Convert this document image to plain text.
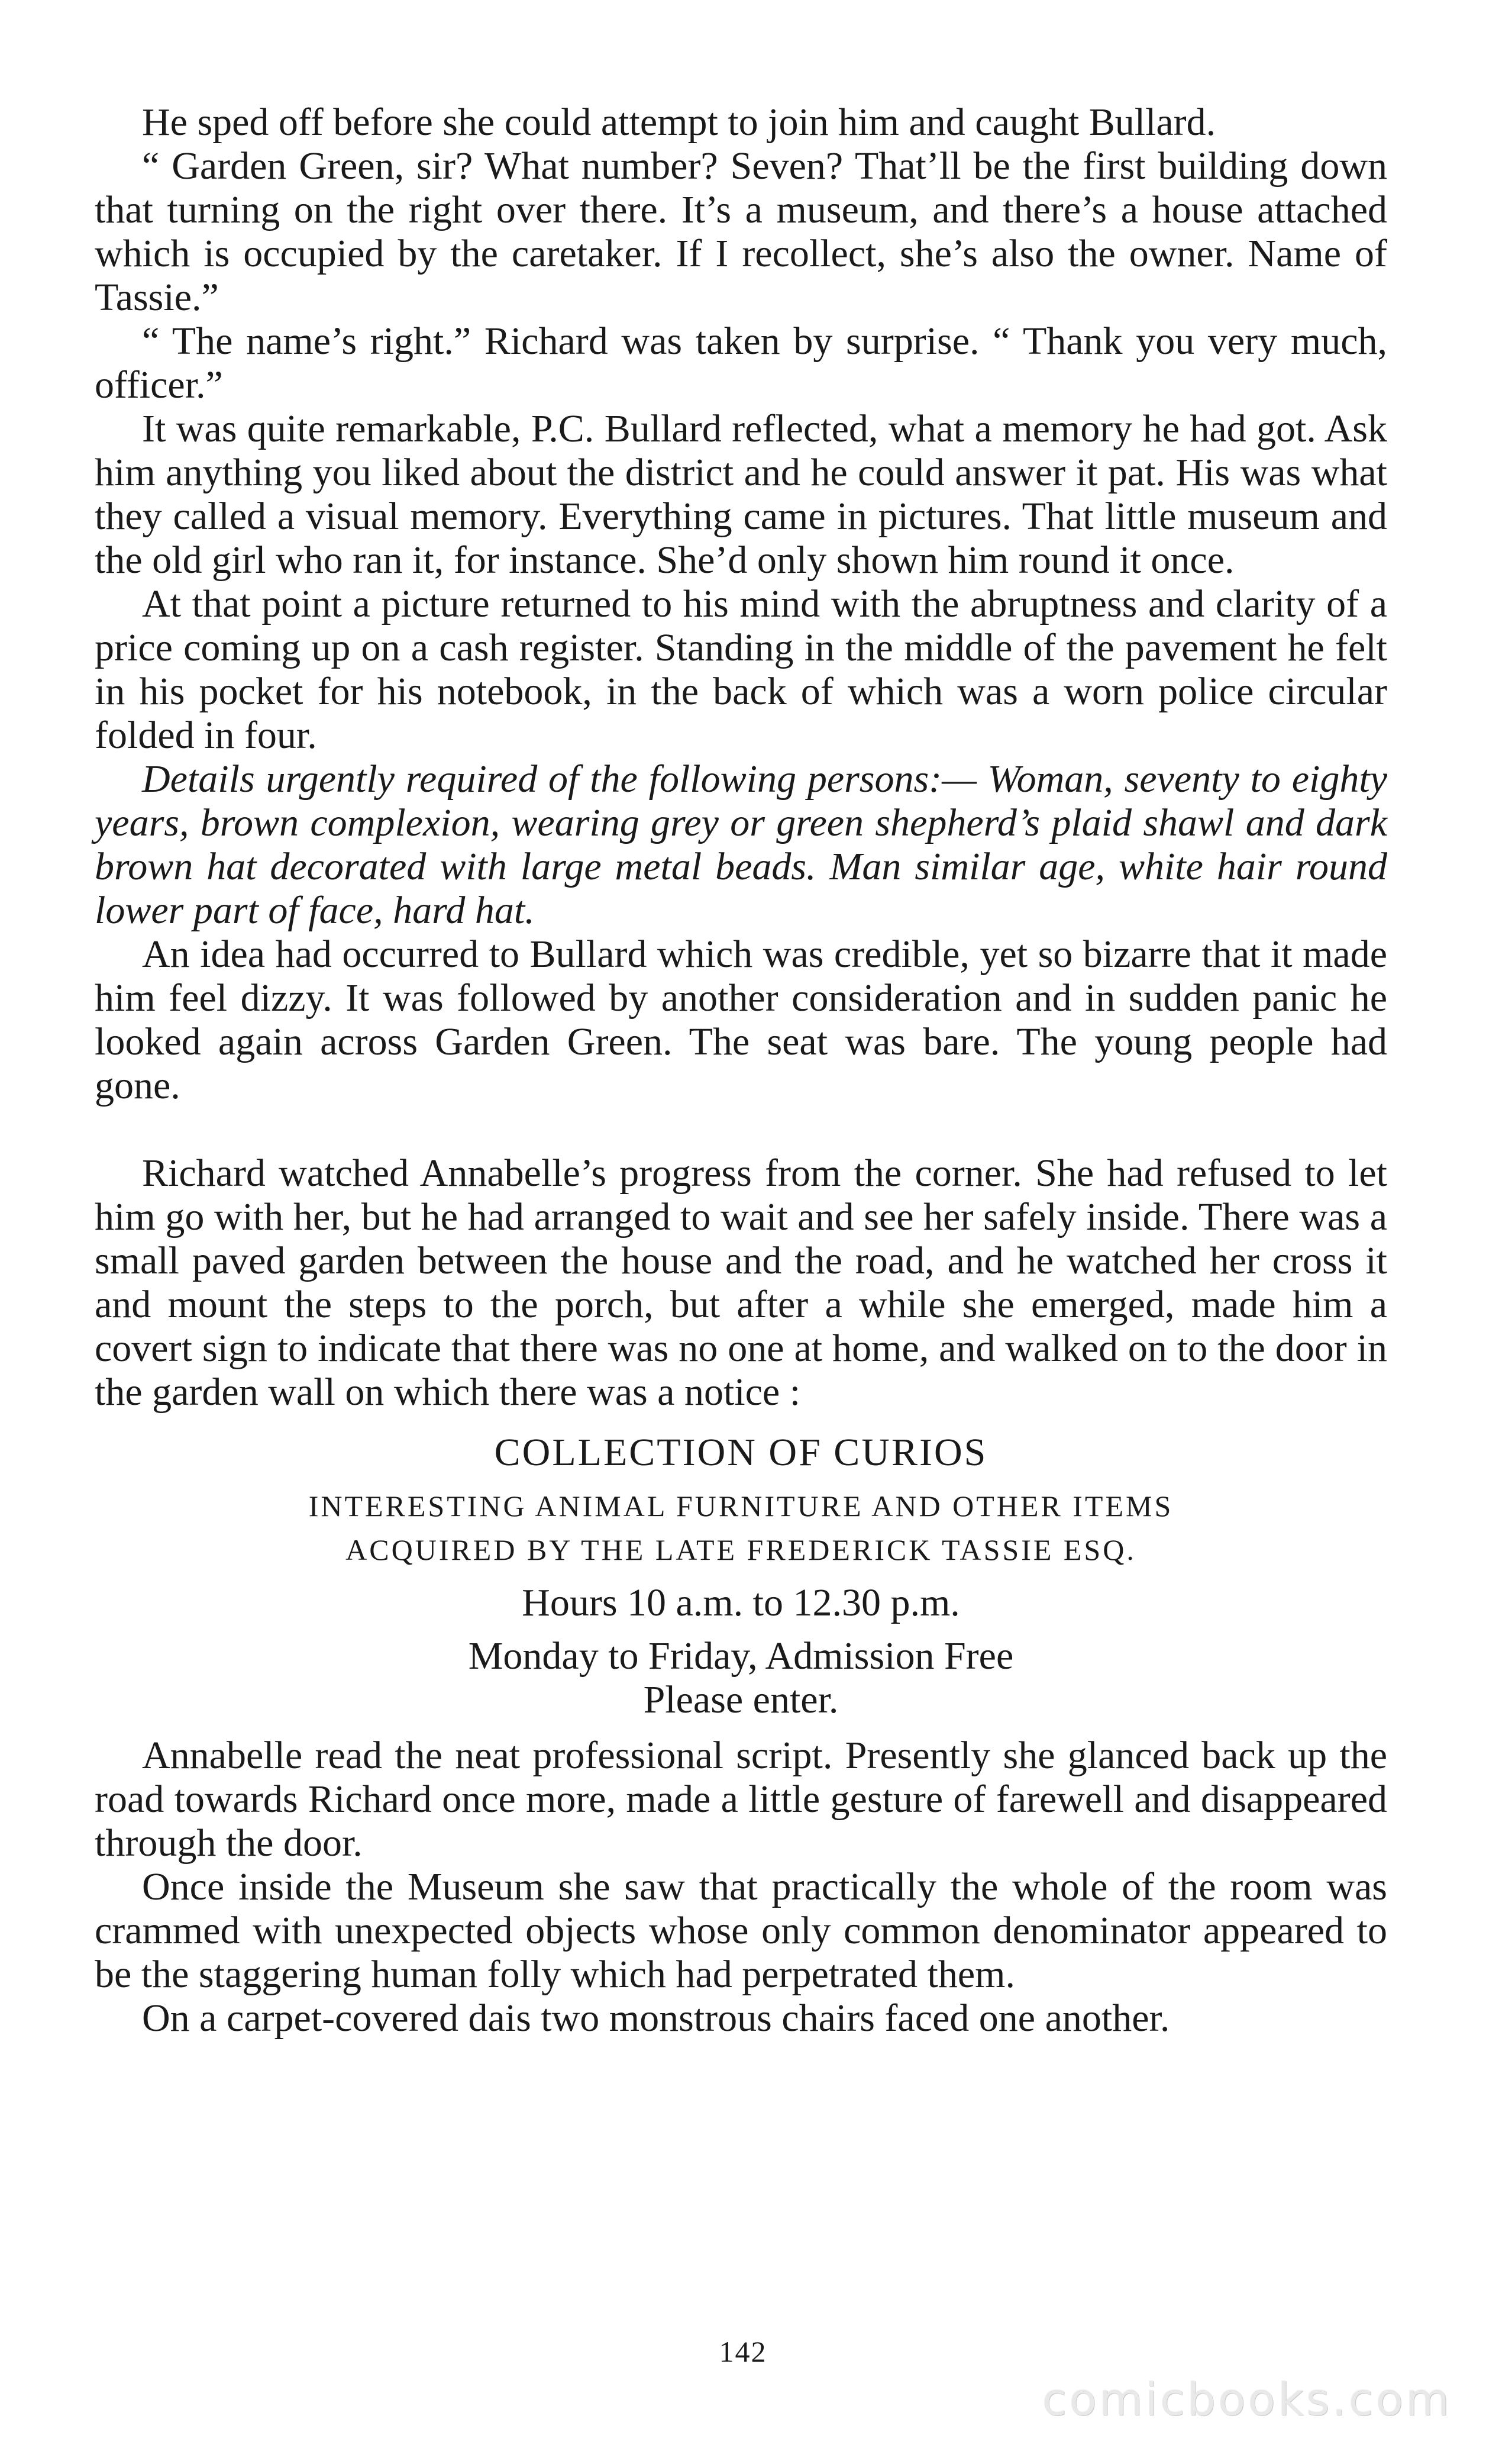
He sped off before she could attempt to join him and caught Bullard.

“ Garden Green, sir? What number? Seven? That’ll be the first building down that turning on the right over there. It’s a museum, and there’s a house attached which is occupied by the caretaker. If I recollect, she’s also the owner. Name of Tassie.”

“ The name’s right.” Richard was taken by surprise. “ Thank you very much, officer.”

It was quite remarkable, P.C. Bullard reflected, what a memory he had got. Ask him anything you liked about the district and he could answer it pat. His was what they called a visual memory. Everything came in pictures. That little museum and the old girl who ran it, for instance. She’d only shown him round it once.

At that point a picture returned to his mind with the abruptness and clarity of a price coming up on a cash register. Standing in the middle of the pavement he felt in his pocket for his notebook, in the back of which was a worn police circular folded in four.

Details urgently required of the following persons:— Woman, seventy to eighty years, brown complexion, wearing grey or green shepherd’s plaid shawl and dark brown hat decorated with large metal beads. Man similar age, white hair round lower part of face, hard hat.

An idea had occurred to Bullard which was credible, yet so bizarre that it made him feel dizzy. It was followed by another consideration and in sudden panic he looked again across Garden Green. The seat was bare. The young people had gone.

Richard watched Annabelle’s progress from the corner. She had refused to let him go with her, but he had arranged to wait and see her safely inside. There was a small paved garden between the house and the road, and he watched her cross it and mount the steps to the porch, but after a while she emerged, made him a covert sign to indicate that there was no one at home, and walked on to the door in the garden wall on which there was a notice :

COLLECTION OF CURIOS

INTERESTING ANIMAL FURNITURE AND OTHER ITEMS

ACQUIRED BY THE LATE FREDERICK TASSIE ESQ.

Hours 10 a.m. to 12.30 p.m.

Monday to Friday, Admission Free

Please enter.

Annabelle read the neat professional script. Presently she glanced back up the road towards Richard once more, made a little gesture of farewell and disappeared through the door.

Once inside the Museum she saw that practically the whole of the room was crammed with unexpected objects whose only common denominator appeared to be the staggering human folly which had perpetrated them.

On a carpet-covered dais two monstrous chairs faced one another.

142
comicbooks.com
